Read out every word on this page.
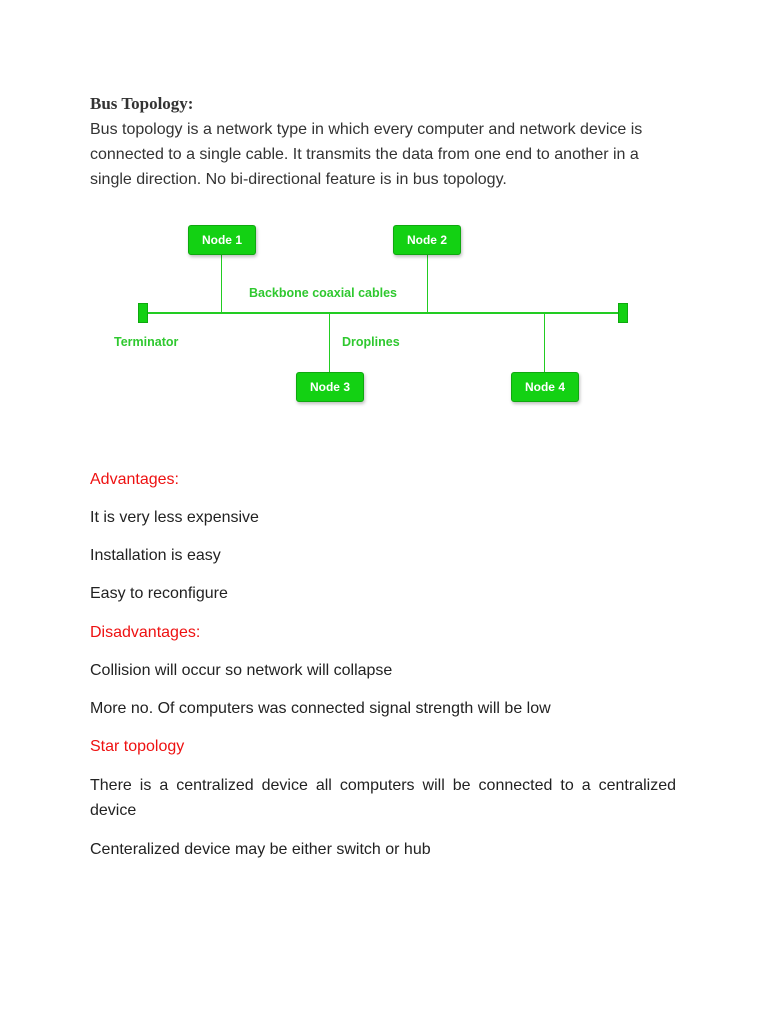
Bus Topology:

Bus topology is a network type in which every computer and network device is connected to a single cable. It transmits the data from one end to another in a single direction. No bi-directional feature is in bus topology.

Node 1	Node 2
Node 3	Node 4
Backbone coaxial cables
Terminator	Droplines

Advantages:

It is very less expensive

Installation is easy

Easy to reconfigure

Disadvantages:

Collision will occur so network will collapse

More no. Of computers was connected signal strength will be low

Star topology

There is a centralized device all computers will be connected to a centralized device

Centeralized device may be either switch or hub
